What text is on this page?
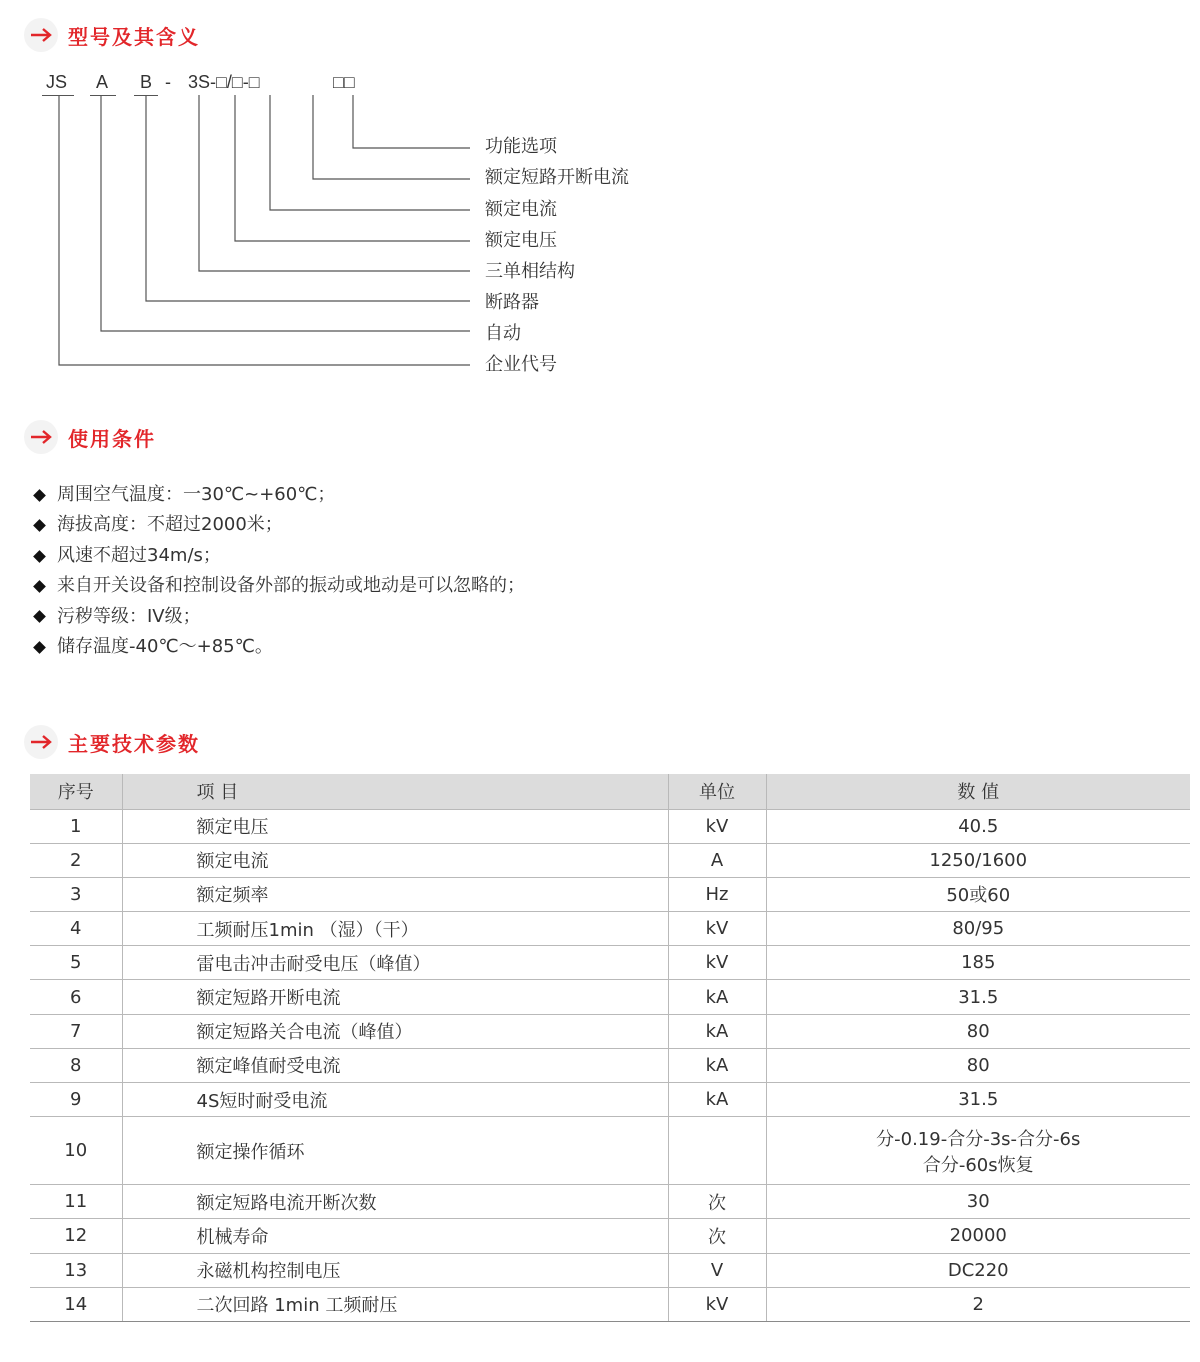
型号及其含义
JS A B - 3S-□/□-□	□□
功能选项
额定短路开断电流
额定电流
额定电压
三单相结构
断路器
自动
企业代号
使用条件
周围空气温度：一30℃~+60℃；
海拔高度：不超过2000米；
风速不超过34m/s；
来自开关设备和控制设备外部的振动或地动是可以忽略的；
污秽等级：IV级；
储存温度-40℃～+85℃。
主要技术参数
序号	项 目	单位	数 值
1	额定电压	kV	40.5
2	额定电流	A	1250/1600
3	额定频率	Hz	50或60
4	工频耐压1min （湿）（干）	kV	80/95
5	雷电击冲击耐受电压（峰值）	kV	185
6	额定短路开断电流	kA	31.5
7	额定短路关合电流（峰值）	kA	80
8	额定峰值耐受电流	kA	80
9	4S短时耐受电流	kA	31.5
10	额定操作循环		分-0.19-合分-3s-合分-6s
合分-60s恢复

11	额定短路电流开断次数	次	30
12	机械寿命	次	20000
13	永磁机构控制电压	V	DC220
14	二次回路 1min 工频耐压	kV	2
